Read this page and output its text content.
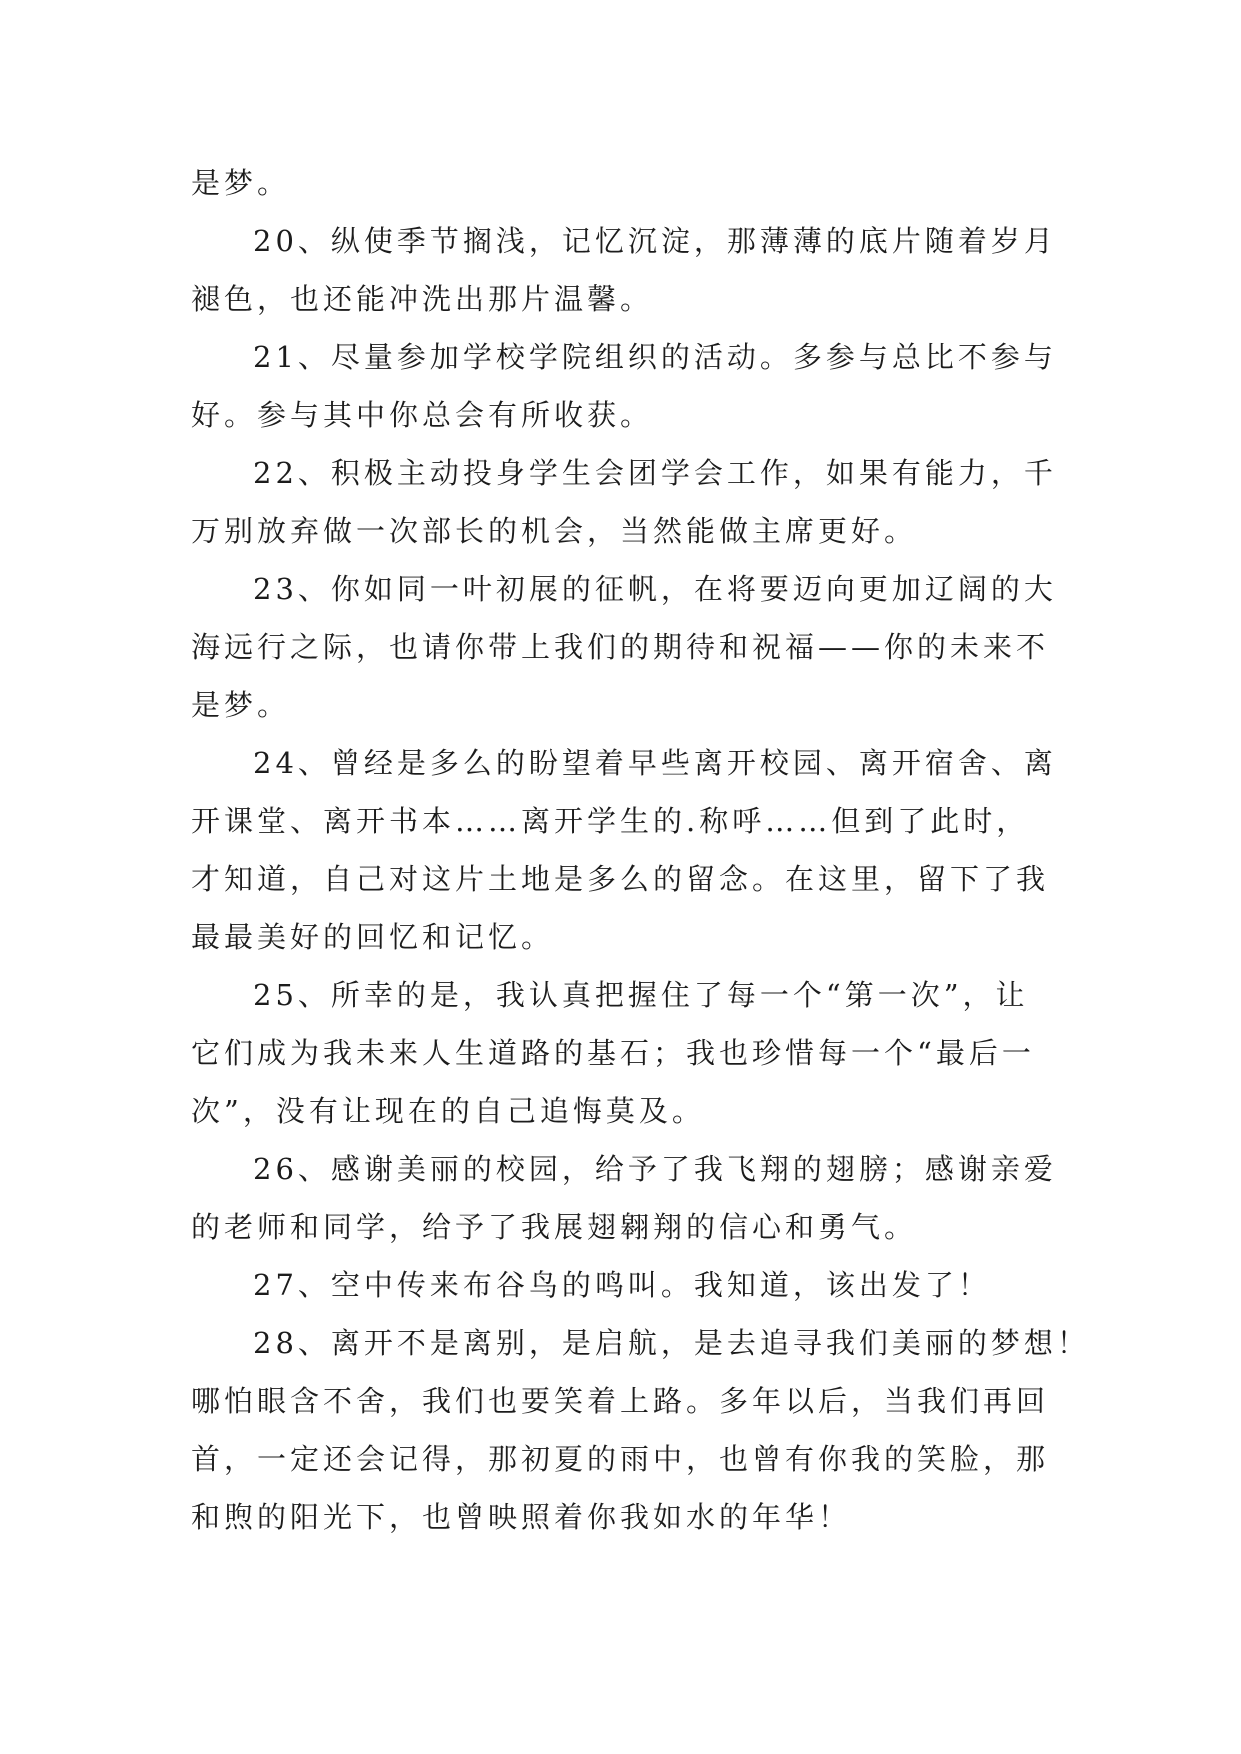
是梦。
20、纵使季节搁浅，记忆沉淀，那薄薄的底片随着岁月
褪色，也还能冲洗出那片温馨。
21、尽量参加学校学院组织的活动。多参与总比不参与
好。参与其中你总会有所收获。
22、积极主动投身学生会团学会工作，如果有能力，千
万别放弃做一次部长的机会，当然能做主席更好。
23、你如同一叶初展的征帆，在将要迈向更加辽阔的大
海远行之际，也请你带上我们的期待和祝福——你的未来不
是梦。
24、曾经是多么的盼望着早些离开校园、离开宿舍、离
开课堂、离开书本……离开学生的.称呼……但到了此时，
才知道，自己对这片土地是多么的留念。在这里，留下了我
最最美好的回忆和记忆。
25、所幸的是，我认真把握住了每一个“第一次”，让
它们成为我未来人生道路的基石；我也珍惜每一个“最后一
次”，没有让现在的自己追悔莫及。
26、感谢美丽的校园，给予了我飞翔的翅膀；感谢亲爱
的老师和同学，给予了我展翅翱翔的信心和勇气。
27、空中传来布谷鸟的鸣叫。我知道，该出发了！
28、离开不是离别，是启航，是去追寻我们美丽的梦想！
哪怕眼含不舍，我们也要笑着上路。多年以后，当我们再回
首，一定还会记得，那初夏的雨中，也曾有你我的笑脸，那
和煦的阳光下，也曾映照着你我如水的年华！
